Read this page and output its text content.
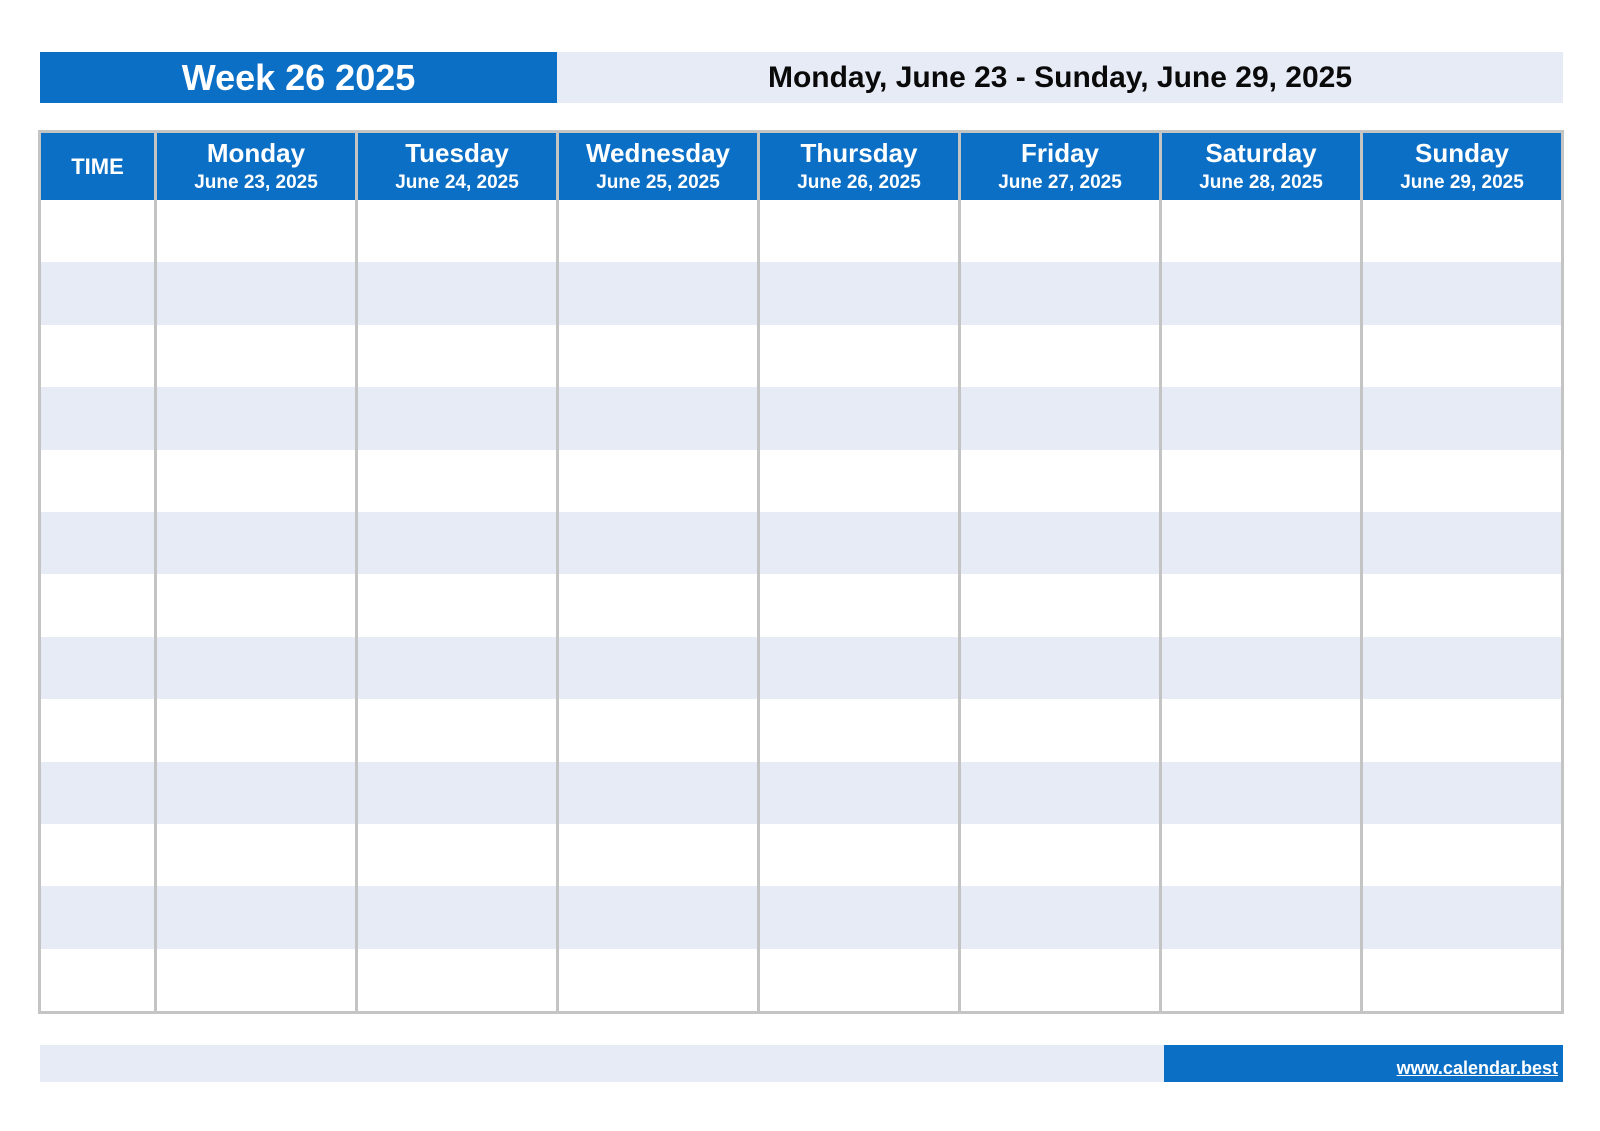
Week 26 2025	Monday, June 23 - Sunday, June 29, 2025
TIME	Monday
June 23, 2025
Tuesday
June 24, 2025
Wednesday
June 25, 2025
Thursday
June 26, 2025
Friday
June 27, 2025
Saturday
June 28, 2025
Sunday
June 29, 2025
www.calendar.best
